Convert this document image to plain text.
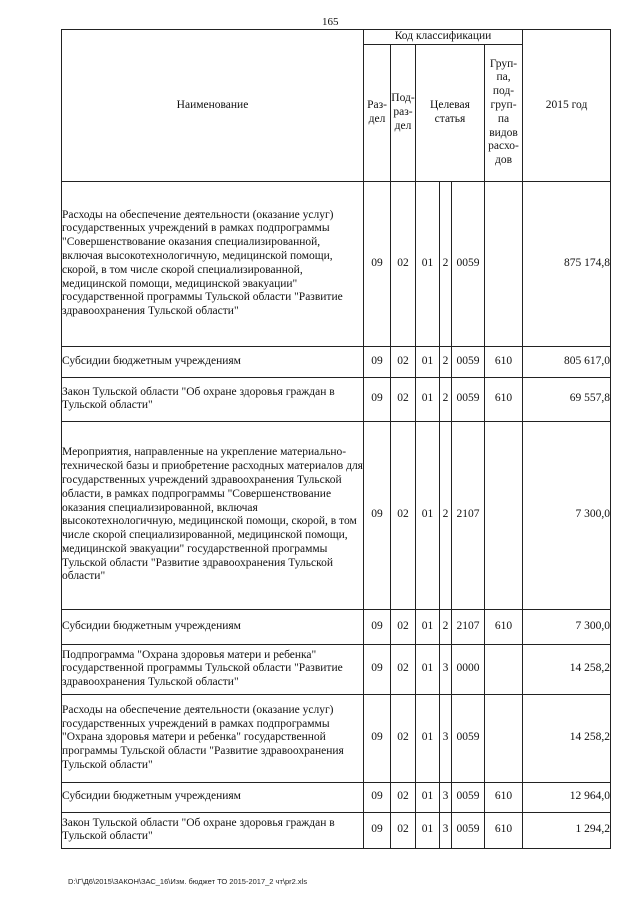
165
Наименование	Код классификации						2015 год
	Раз-дел	Под-раз-дел	Целевая статья			Груп-па, под-груп-па видов расхо-дов	
Расходы на обеспечение деятельности (оказание услуг) государственных учреждений в рамках подпрограммы "Совершенствование оказания специализированной, включая высокотехнологичную, медицинской помощи, скорой, в том числе скорой специализированной, медицинской помощи, медицинской эвакуации" государственной программы Тульской области "Развитие здравоохранения Тульской области"	09	02	01	2	0059		875 174,8
Субсидии бюджетным учреждениям	09	02	01	2	0059	610	805 617,0
Закон Тульской области "Об охране здоровья граждан в Тульской области"	09	02	01	2	0059	610	69 557,8
Мероприятия, направленные на укрепление материально-технической базы и приобретение расходных материалов для государственных учреждений здравоохранения Тульской области, в рамках подпрограммы "Совершенствование оказания специализированной, включая высокотехнологичную, медицинской помощи, скорой, в том числе скорой специализированной, медицинской помощи, медицинской эвакуации" государственной программы Тульской области "Развитие здравоохранения Тульской области"	09	02	01	2	2107		7 300,0
Субсидии бюджетным учреждениям	09	02	01	2	2107	610	7 300,0
Подпрограмма "Охрана здоровья матери и ребенка" государственной программы Тульской области "Развитие здравоохранения Тульской области"	09	02	01	3	0000		14 258,2
Расходы на обеспечение деятельности (оказание услуг) государственных учреждений в рамках подпрограммы "Охрана здоровья матери и ребенка" государственной программы Тульской области "Развитие здравоохранения Тульской области"	09	02	01	3	0059		14 258,2
Субсидии бюджетным учреждениям	09	02	01	3	0059	610	12 964,0
Закон Тульской области "Об охране здоровья граждан в Тульской области"	09	02	01	3	0059	610	1 294,2
D:\Г\Д6\2015\ЗАКОН\ЗАС_16\Изм. бюджет ТО 2015-2017_2 чт\pr2.xls
